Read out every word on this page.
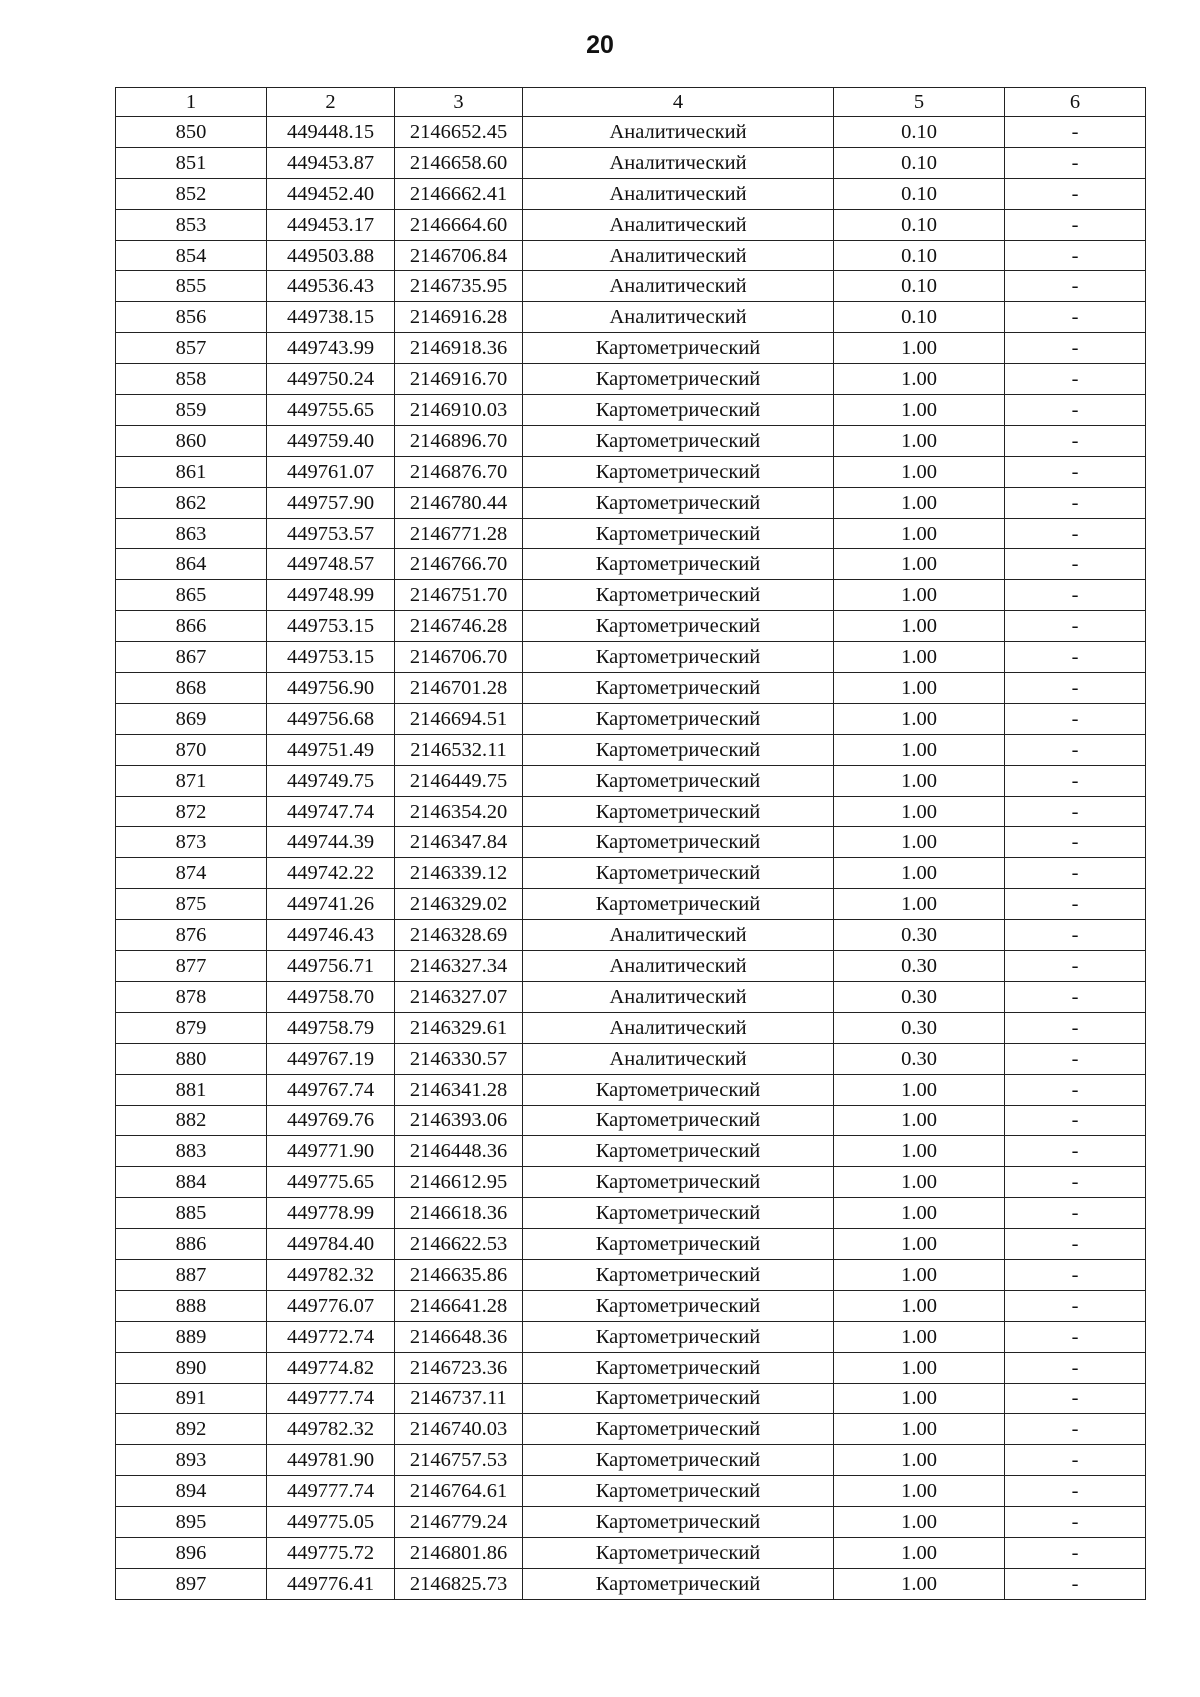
20
1	2	3	4	5	6
850	449448.15	2146652.45	Аналитический	0.10	-
851	449453.87	2146658.60	Аналитический	0.10	-
852	449452.40	2146662.41	Аналитический	0.10	-
853	449453.17	2146664.60	Аналитический	0.10	-
854	449503.88	2146706.84	Аналитический	0.10	-
855	449536.43	2146735.95	Аналитический	0.10	-
856	449738.15	2146916.28	Аналитический	0.10	-
857	449743.99	2146918.36	Картометрический	1.00	-
858	449750.24	2146916.70	Картометрический	1.00	-
859	449755.65	2146910.03	Картометрический	1.00	-
860	449759.40	2146896.70	Картометрический	1.00	-
861	449761.07	2146876.70	Картометрический	1.00	-
862	449757.90	2146780.44	Картометрический	1.00	-
863	449753.57	2146771.28	Картометрический	1.00	-
864	449748.57	2146766.70	Картометрический	1.00	-
865	449748.99	2146751.70	Картометрический	1.00	-
866	449753.15	2146746.28	Картометрический	1.00	-
867	449753.15	2146706.70	Картометрический	1.00	-
868	449756.90	2146701.28	Картометрический	1.00	-
869	449756.68	2146694.51	Картометрический	1.00	-
870	449751.49	2146532.11	Картометрический	1.00	-
871	449749.75	2146449.75	Картометрический	1.00	-
872	449747.74	2146354.20	Картометрический	1.00	-
873	449744.39	2146347.84	Картометрический	1.00	-
874	449742.22	2146339.12	Картометрический	1.00	-
875	449741.26	2146329.02	Картометрический	1.00	-
876	449746.43	2146328.69	Аналитический	0.30	-
877	449756.71	2146327.34	Аналитический	0.30	-
878	449758.70	2146327.07	Аналитический	0.30	-
879	449758.79	2146329.61	Аналитический	0.30	-
880	449767.19	2146330.57	Аналитический	0.30	-
881	449767.74	2146341.28	Картометрический	1.00	-
882	449769.76	2146393.06	Картометрический	1.00	-
883	449771.90	2146448.36	Картометрический	1.00	-
884	449775.65	2146612.95	Картометрический	1.00	-
885	449778.99	2146618.36	Картометрический	1.00	-
886	449784.40	2146622.53	Картометрический	1.00	-
887	449782.32	2146635.86	Картометрический	1.00	-
888	449776.07	2146641.28	Картометрический	1.00	-
889	449772.74	2146648.36	Картометрический	1.00	-
890	449774.82	2146723.36	Картометрический	1.00	-
891	449777.74	2146737.11	Картометрический	1.00	-
892	449782.32	2146740.03	Картометрический	1.00	-
893	449781.90	2146757.53	Картометрический	1.00	-
894	449777.74	2146764.61	Картометрический	1.00	-
895	449775.05	2146779.24	Картометрический	1.00	-
896	449775.72	2146801.86	Картометрический	1.00	-
897	449776.41	2146825.73	Картометрический	1.00	-
